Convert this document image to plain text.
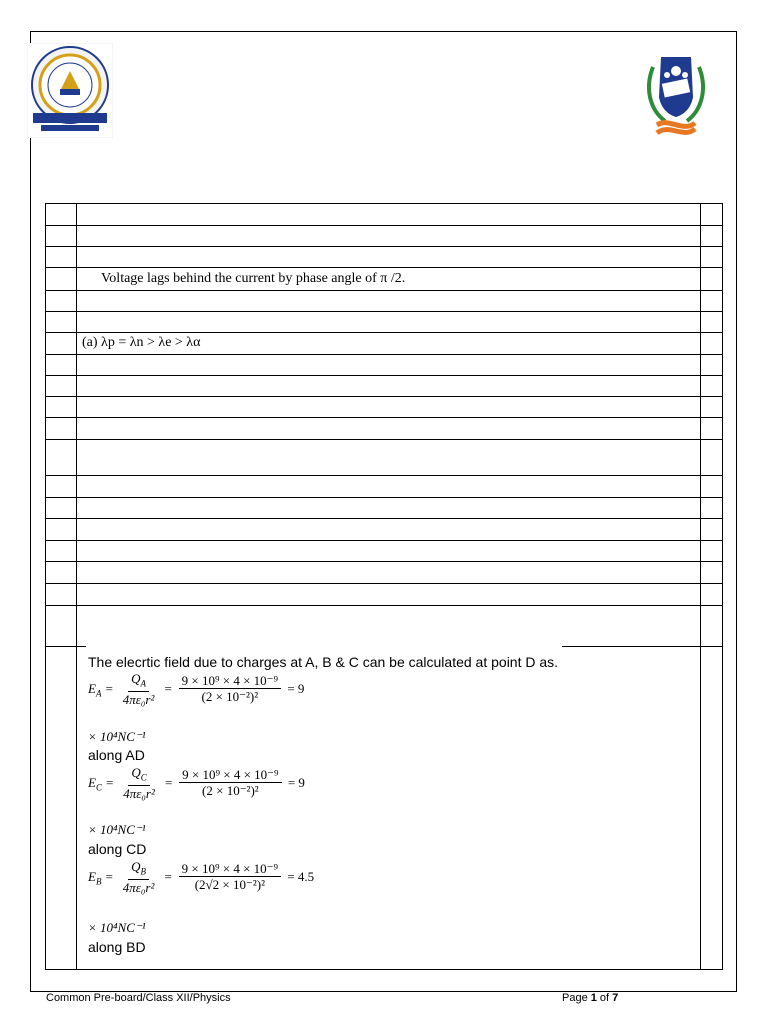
Voltage lags behind the current by phase angle of π /2.
(a) λp = λn > λe > λα
The elecrtic field due to charges at A, B & C can be calculated at point D as.
$E_A = \frac{Q_A}{\text{4πε₀r²}} = \frac{\text{9 × 10⁹ × 4 × 10⁻⁹}}{\text{(2 × 10⁻²)²}} = 9$
× 10⁴NC⁻¹
along AD
$E_C = \frac{Q_C}{\text{4πε₀r²}} = \frac{\text{9 × 10⁹ × 4 × 10⁻⁹}}{\text{(2 × 10⁻²)²}} = 9$
× 10⁴NC⁻¹
along CD
$E_B = \frac{Q_B}{\text{4πε₀r²}} = \frac{\text{9 × 10⁹ × 4 × 10⁻⁹}}{\text{(2√2 × 10⁻²)²}} = 4.5$
× 10⁴NC⁻¹
along BD
Common Pre-board/Class XII/Physics	Page 1 of 7
